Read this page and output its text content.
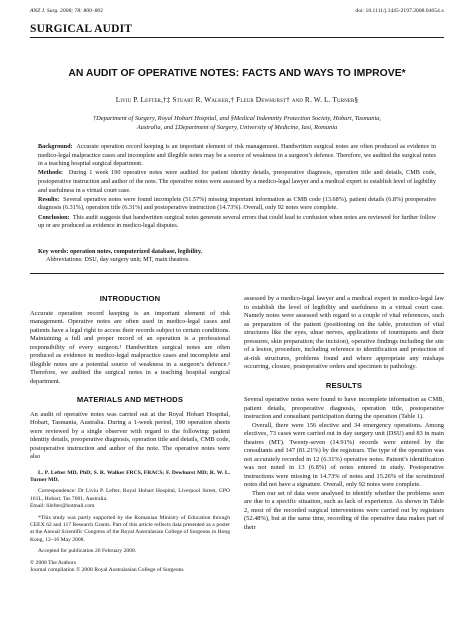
ANZ J. Surg. 2008; 78: 800–802	doi: 10.1111/j.1445-2197.2008.04654.x
SURGICAL AUDIT
AN AUDIT OF OPERATIVE NOTES: FACTS AND WAYS TO IMPROVE*
Liviu P. Lefter,†‡ Stuart R. Walker,† Fleur Dewhurst† and R. W. L. Turner§
†Department of Surgery, Royal Hobart Hospital, and §Medical Indemnity Protection Society, Hobart, Tasmania,
Australia, and ‡Department of Surgery, University of Medicine, Iasi, Romania
Background: Accurate operation record keeping is an important element of risk management. Handwritten surgical notes are often produced as evidence in medico-legal malpractice cases and incomplete and illegible notes may be a source of weakness in a surgeon’s defence. Therefore, we audited the surgical notes in a teaching hospital surgical department.
Methods: During 1 week 190 operative notes were audited for patient identity details, preoperative diagnosis, operation title and details, CMB code, postoperative instruction and author of the note. The operative notes were assessed by a medico-legal lawyer and a medical expert to establish level of legibility and usefulness in a virtual court case.
Results: Several operative notes were found incomplete (51.57%) missing important information as CMB code (13.68%), patient details (6.8%) preoperative diagnosis (6.31%), operation title (6.31%) and postoperative instruction (14.73%). Overall, only 92 notes were complete.
Conclusion: This audit suggests that handwritten surgical notes generate several errors that could lead to confusion when notes are reviewed for further follow up or are produced as evidence in medico-legal disputes.
Key words: operation notes, computerized database, legibility.
Abbreviations: DSU, day surgery unit; MT, main theatres.
INTRODUCTION

Accurate operation record keeping is an important element of risk management. Operative notes are often used in medico-legal cases and patients have a legal right to access their records subject to certain conditions. Maintaining a full and proper record of an operation is a professional responsibility of every surgeon.¹ Handwritten surgical notes are often produced as evidence in medico-legal malpractice cases and incomplete and illegible notes are a potential source of weakness in a surgeon’s defence.¹ Therefore, we audited the surgical notes in a teaching hospital surgical department.

MATERIALS AND METHODS

An audit of operative notes was carried out at the Royal Hobart Hospital, Hobart, Tasmania, Australia. During a 1-week period, 190 operation sheets were reviewed by a single observer with regard to the following: patient identity details, preoperative diagnosis, operation title and details, CMB code, postoperative instruction and author of the note. The operative notes were also

L. P. Lefter MD, PhD; S. R. Walker FRCS, FRACS; F. Dewhurst MD; R. W. L. Turner MD.

Correspondence: Dr Liviu P. Lefter, Royal Hobart Hospital, Liverpool Street, GPO 161L, Hobart, Tas 7001, Australia.

Email: lilefter@hotmail.com

*This study was partly supported by the Romanian Ministry of Education through CEEX 62 and 117 Research Grants. Part of this article reflects data presented as a poster at the Annual Scientific Congress of the Royal Australasian College of Surgeons in Hong Kong, 12–16 May 2008.

Accepted for publication 26 February 2008.

© 2008 The Authors

Journal compilation © 2008 Royal Australasian College of Surgeons

assessed by a medico-legal lawyer and a medical expert in medico-legal law to establish the level of legibility and usefulness in a virtual court case. Namely notes were assessed with regard to a couple of vital references, such as preparation of the patient (positioning on the table, protection of vital structures like the eyes, ulnar nerves, applications of tourniquets and their pressures, skin preparation; the incision), operative findings including the site of a lesion, procedure, including reference to identification and protection of at-risk structures, problems found and where appropriate any mishaps occurring, closure, postoperative orders and specimen to pathology.

RESULTS

Several operative notes were found to have incomplete information as CMB, patient details, preoperative diagnosis, operation title, postoperative instruction and consultant participation during the operation (Table 1).

Overall, there were 156 elective and 34 emergency operations. Among electives, 73 cases were carried out in day surgery unit (DSU) and 83 in main theatres (MT). Twenty-seven (14.91%) records were entered by the consultants and 147 (81.21%) by the registrars. The type of the operation was not accurately recorded in 12 (6.31%) operative notes. Patient’s identification was not noted in 13 (6.8%) of notes entered in study. Postoperative instructions were missing in 14.73% of notes and 15.26% of the scrutinized notes did not have a signature. Overall, only 92 notes were complete.

Then our set of data were analysed to identify whether the problems seen are due to a specific situation, such as lack of experience. As shown in Table 2, most of the recorded surgical interventions were carried out by registrars (52.48%), but at the same time, recording of the operative data makes part of their
